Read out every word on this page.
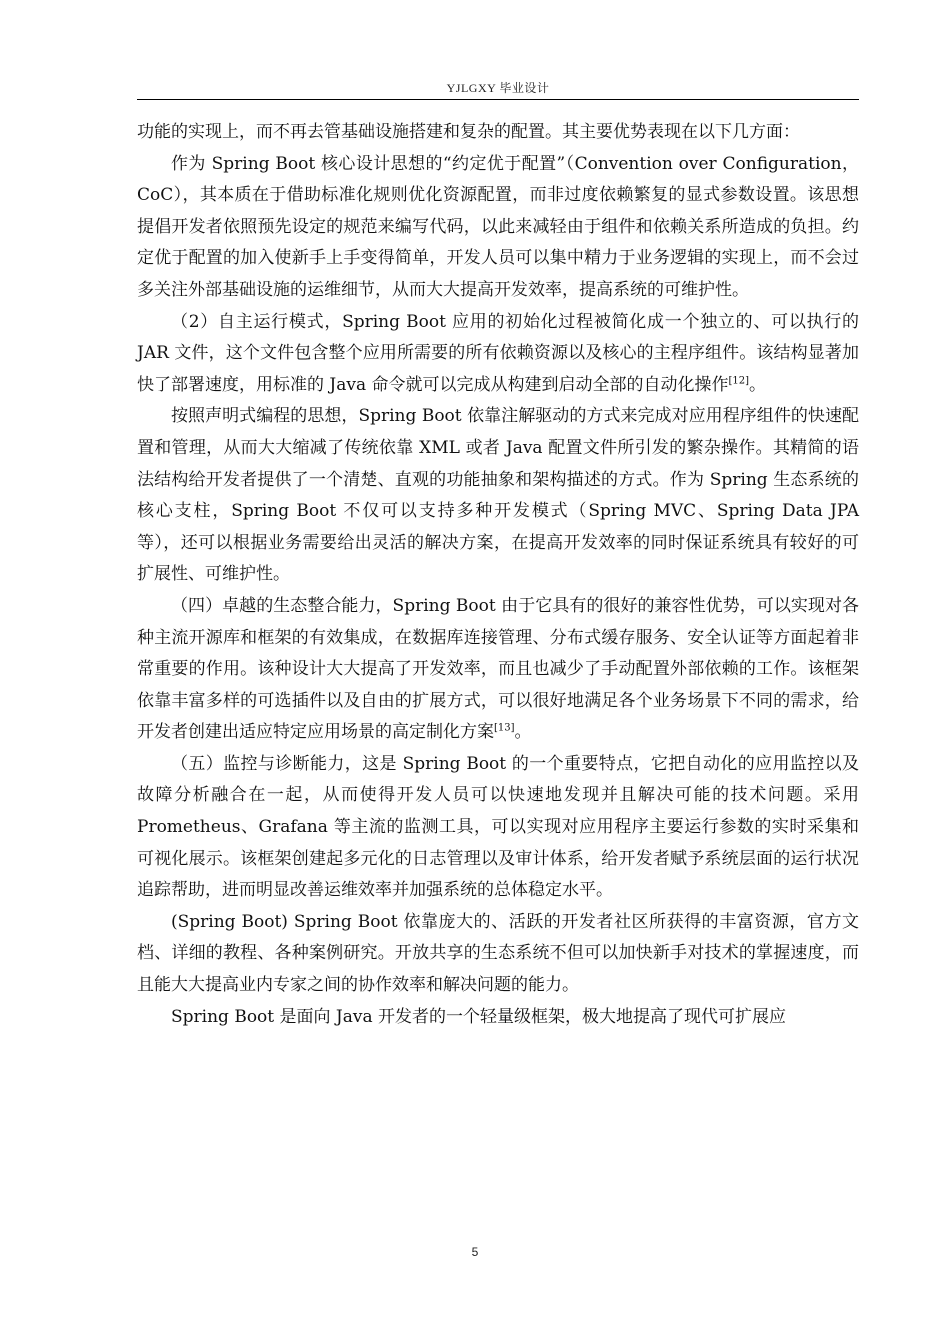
YJLGXY 毕业设计

功能的实现上，而不再去管基础设施搭建和复杂的配置。其主要优势表现在以下几方面：

作为 Spring Boot 核心设计思想的“约定优于配置”（Convention over Configuration，CoC），其本质在于借助标准化规则优化资源配置，而非过度依赖繁复的显式参数设置。该思想提倡开发者依照预先设定的规范来编写代码，以此来减轻由于组件和依赖关系所造成的负担。约定优于配置的加入使新手上手变得简单，开发人员可以集中精力于业务逻辑的实现上，而不会过多关注外部基础设施的运维细节，从而大大提高开发效率，提高系统的可维护性。

（2）自主运行模式，Spring Boot 应用的初始化过程被简化成一个独立的、可以执行的 JAR 文件，这个文件包含整个应用所需要的所有依赖资源以及核心的主程序组件。该结构显著加快了部署速度，用标准的 Java 命令就可以完成从构建到启动全部的自动化操作[12]。

按照声明式编程的思想，Spring Boot 依靠注解驱动的方式来完成对应用程序组件的快速配置和管理，从而大大缩减了传统依靠 XML 或者 Java 配置文件所引发的繁杂操作。其精简的语法结构给开发者提供了一个清楚、直观的功能抽象和架构描述的方式。作为 Spring 生态系统的核心支柱，Spring Boot 不仅可以支持多种开发模式（Spring MVC、Spring Data JPA 等），还可以根据业务需要给出灵活的解决方案，在提高开发效率的同时保证系统具有较好的可扩展性、可维护性。

（四）卓越的生态整合能力，Spring Boot 由于它具有的很好的兼容性优势，可以实现对各种主流开源库和框架的有效集成，在数据库连接管理、分布式缓存服务、安全认证等方面起着非常重要的作用。该种设计大大提高了开发效率，而且也减少了手动配置外部依赖的工作。该框架依靠丰富多样的可选插件以及自由的扩展方式，可以很好地满足各个业务场景下不同的需求，给开发者创建出适应特定应用场景的高定制化方案[13]。

（五）监控与诊断能力，这是 Spring Boot 的一个重要特点，它把自动化的应用监控以及故障分析融合在一起，从而使得开发人员可以快速地发现并且解决可能的技术问题。采用 Prometheus、Grafana 等主流的监测工具，可以实现对应用程序主要运行参数的实时采集和可视化展示。该框架创建起多元化的日志管理以及审计体系，给开发者赋予系统层面的运行状况追踪帮助，进而明显改善运维效率并加强系统的总体稳定水平。

(Spring Boot) Spring Boot 依靠庞大的、活跃的开发者社区所获得的丰富资源，官方文档、详细的教程、各种案例研究。开放共享的生态系统不但可以加快新手对技术的掌握速度，而且能大大提高业内专家之间的协作效率和解决问题的能力。

Spring Boot 是面向 Java 开发者的一个轻量级框架，极大地提高了现代可扩展应

5
